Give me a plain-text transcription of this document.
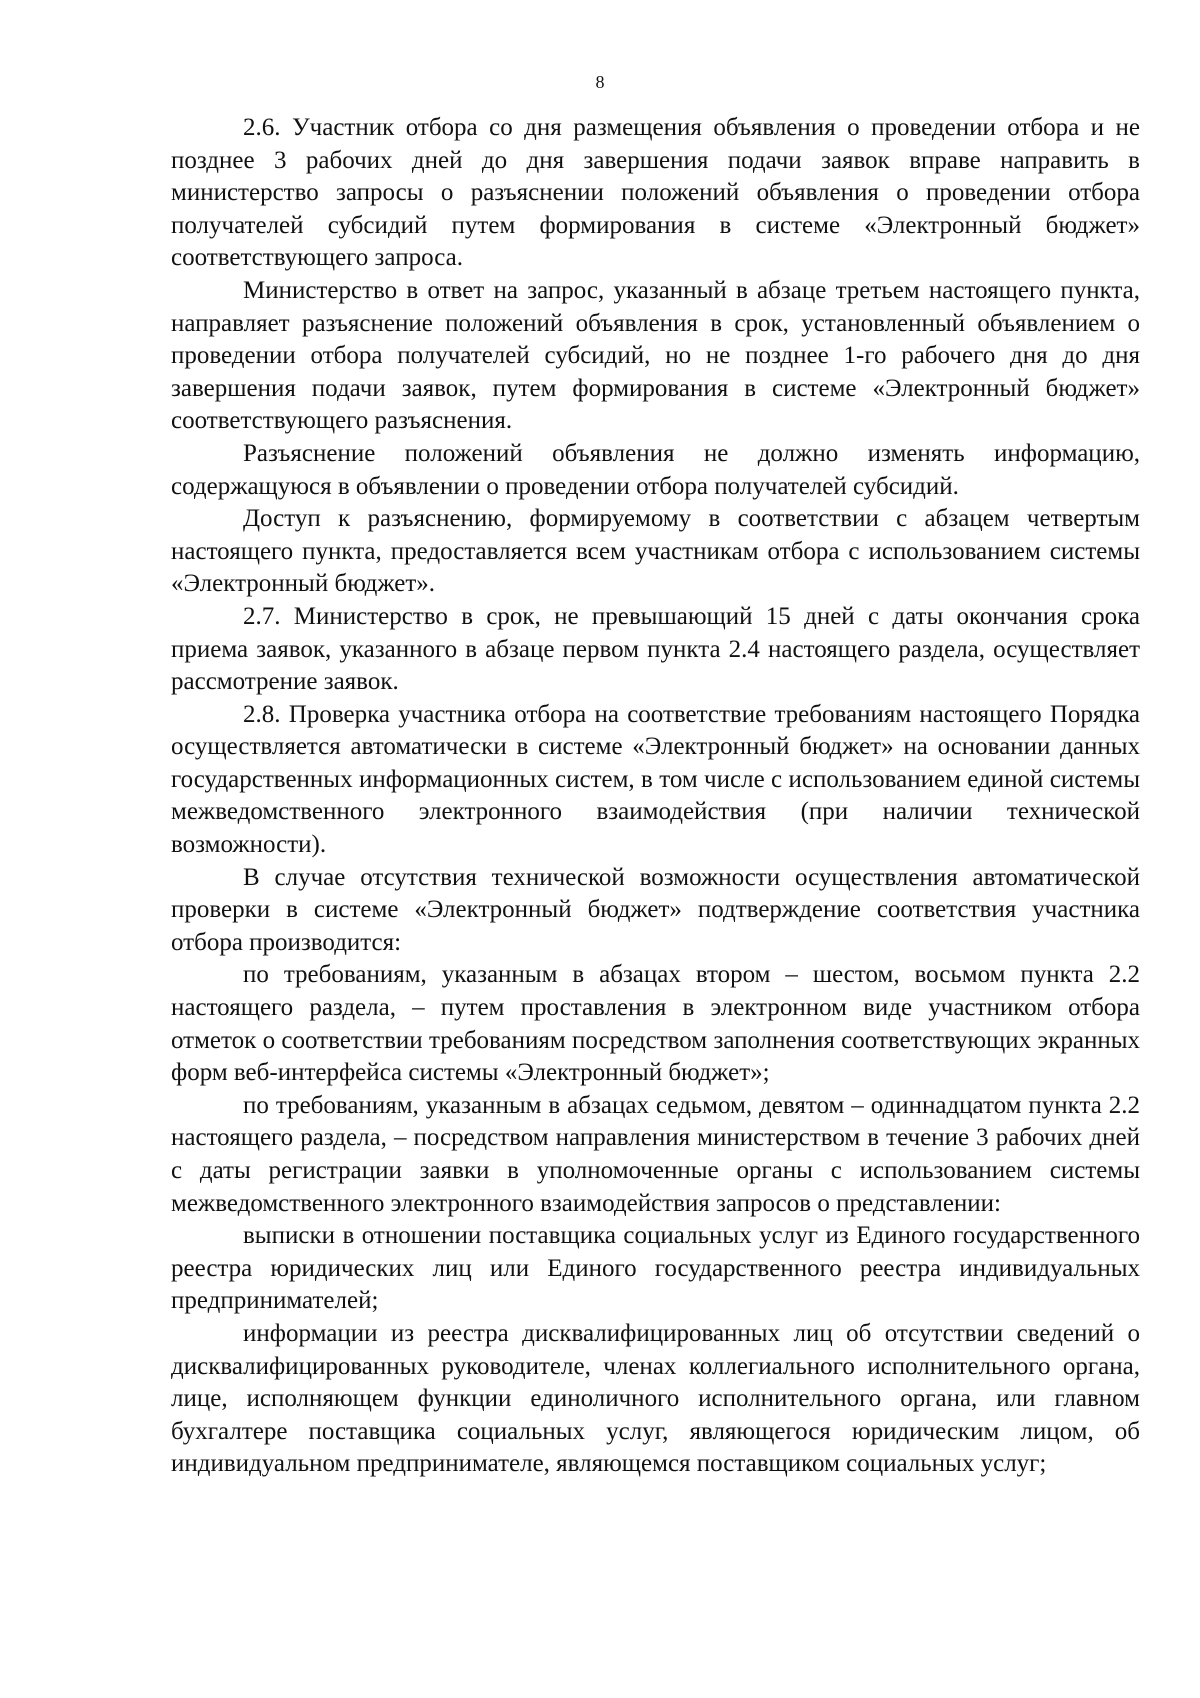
8

2.6. Участник отбора со дня размещения объявления о проведении отбора и не позднее 3 рабочих дней до дня завершения подачи заявок вправе направить в министерство запросы о разъяснении положений объявления о проведении отбора получателей субсидий путем формирования в системе «Электронный бюджет» соответствующего запроса.

Министерство в ответ на запрос, указанный в абзаце третьем настоящего пункта, направляет разъяснение положений объявления в срок, установленный объявлением о проведении отбора получателей субсидий, но не позднее 1-го рабочего дня до дня завершения подачи заявок, путем формирования в системе «Электронный бюджет» соответствующего разъяснения.

Разъяснение положений объявления не должно изменять информацию, содержащуюся в объявлении о проведении отбора получателей субсидий.

Доступ к разъяснению, формируемому в соответствии с абзацем четвертым настоящего пункта, предоставляется всем участникам отбора с использованием системы «Электронный бюджет».

2.7. Министерство в срок, не превышающий 15 дней с даты окончания срока приема заявок, указанного в абзаце первом пункта 2.4 настоящего раздела, осуществляет рассмотрение заявок.

2.8. Проверка участника отбора на соответствие требованиям настоящего Порядка осуществляется автоматически в системе «Электронный бюджет» на основании данных государственных информационных систем, в том числе с использованием единой системы межведомственного электронного взаимодействия (при наличии технической возможности).

В случае отсутствия технической возможности осуществления автоматической проверки в системе «Электронный бюджет» подтверждение соответствия участника отбора производится:

по требованиям, указанным в абзацах втором – шестом, восьмом пункта 2.2 настоящего раздела, – путем проставления в электронном виде участником отбора отметок о соответствии требованиям посредством заполнения соответствующих экранных форм веб-интерфейса системы «Электронный бюджет»;

по требованиям, указанным в абзацах седьмом, девятом – одиннадцатом пункта 2.2 настоящего раздела, – посредством направления министерством в течение 3 рабочих дней с даты регистрации заявки в уполномоченные органы с использованием системы межведомственного электронного взаимодействия запросов о представлении:

выписки в отношении поставщика социальных услуг из Единого государственного реестра юридических лиц или Единого государственного реестра индивидуальных предпринимателей;

информации из реестра дисквалифицированных лиц об отсутствии сведений о дисквалифицированных руководителе, членах коллегиального исполнительного органа, лице, исполняющем функции единоличного исполнительного органа, или главном бухгалтере поставщика социальных услуг, являющегося юридическим лицом, об индивидуальном предпринимателе, являющемся поставщиком социальных услуг;
